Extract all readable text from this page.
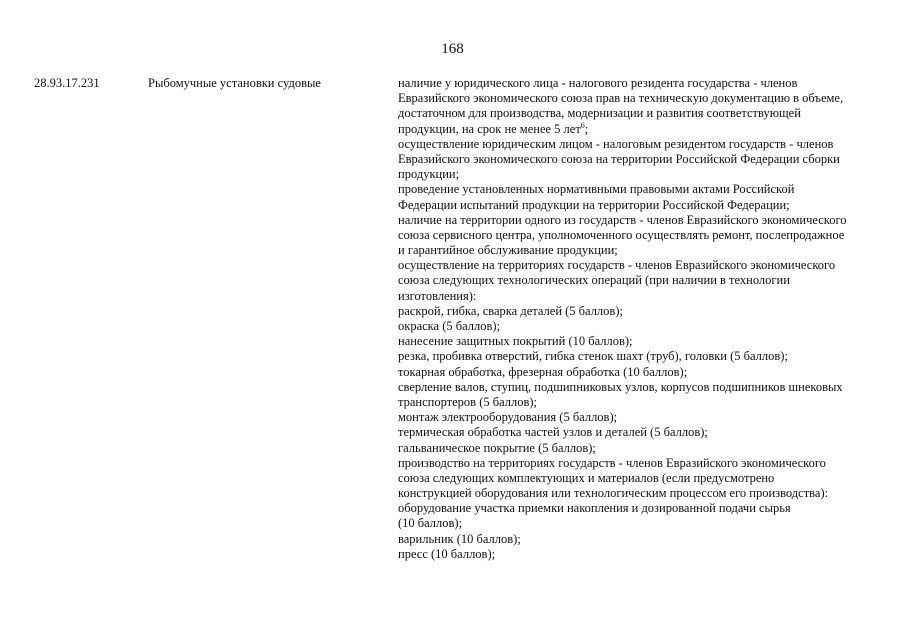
168
28.93.17.231	Рыбомучные установки судовые	наличие у юридического лица - налогового резидента государства - членов
Евразийского экономического союза прав на техническую документацию в объеме,
достаточном для производства, модернизации и развития соответствующей
продукции, на срок не менее 5 лет$^6$;
осуществление юридическим лицом - налоговым резидентом государств - членов
Евразийского экономического союза на территории Российской Федерации сборки
продукции;
проведение установленных нормативными правовыми актами Российской
Федерации испытаний продукции на территории Российской Федерации;
наличие на территории одного из государств - членов Евразийского экономического
союза сервисного центра, уполномоченного осуществлять ремонт, послепродажное
и гарантийное обслуживание продукции;
осуществление на территориях государств - членов Евразийского экономического
союза следующих технологических операций (при наличии в технологии
изготовления):
раскрой, гибка, сварка деталей (5 баллов);
окраска (5 баллов);
нанесение защитных покрытий (10 баллов);
резка, пробивка отверстий, гибка стенок шахт (труб), головки (5 баллов);
токарная обработка, фрезерная обработка (10 баллов);
сверление валов, ступиц, подшипниковых узлов, корпусов подшипников шнековых
транспортеров (5 баллов);
монтаж электрооборудования (5 баллов);
термическая обработка частей узлов и деталей (5 баллов);
гальваническое покрытие (5 баллов);
производство на территориях государств - членов Евразийского экономического
союза следующих комплектующих и материалов (если предусмотрено
конструкцией оборудования или технологическим процессом его производства):
оборудование участка приемки накопления и дозированной подачи сырья
(10 баллов);
варильник (10 баллов);
пресс (10 баллов);
